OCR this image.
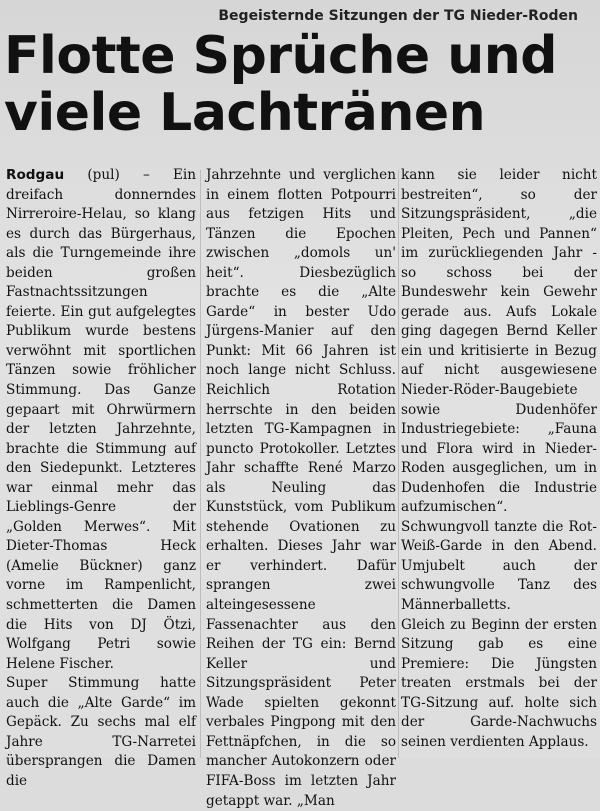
Begeisternde Sitzungen der TG Nieder-Roden
Flotte Sprüche und viele Lachtränen

Rodgau (pul) – Ein dreifach donnerndes Nirreroire-Helau, so klang es durch das Bürgerhaus, als die Turngemeinde ihre beiden großen Fastnachtssitzungen feierte. Ein gut aufgelegtes Publikum wurde bestens verwöhnt mit sportlichen Tänzen sowie fröhlicher Stimmung. Das Ganze gepaart mit Ohrwürmern der letzten Jahrzehnte, brachte die Stimmung auf den Siedepunkt. Letzteres war einmal mehr das Lieblings-Genre der „Golden Merwes“. Mit Dieter-Thomas Heck (Amelie Bückner) ganz vorne im Rampenlicht, schmetterten die Damen die Hits von DJ Ötzi, Wolfgang Petri sowie Helene Fischer.

Super Stimmung hatte auch die „Alte Garde“ im Gepäck. Zu sechs mal elf Jahre TG-Narretei übersprangen die Damen die

Jahrzehnte und verglichen in einem flotten Potpourri aus fetzigen Hits und Tänzen die Epochen zwischen „domols un' heit“. Diesbezüglich brachte es die „Alte Garde“ in bester Udo Jürgens-Manier auf den Punkt: Mit 66 Jahren ist noch lange nicht Schluss. Reichlich Rotation herrschte in den beiden letzten TG-Kampagnen in puncto Protokoller. Letztes Jahr schaffte René Marzo als Neuling das Kunststück, vom Publikum stehende Ovationen zu erhalten. Dieses Jahr war er verhindert. Dafür sprangen zwei alteingesessene Fassenachter aus den Reihen der TG ein: Bernd Keller und Sitzungspräsident Peter Wade spielten gekonnt verbales Pingpong mit den Fettnäpfchen, in die so mancher Autokonzern oder FIFA-Boss im letzten Jahr getappt war. „Man

kann sie leider nicht bestreiten“, so der Sitzungspräsident, „die Pleiten, Pech und Pannen“ im zurückliegenden Jahr - so schoss bei der Bundeswehr kein Gewehr gerade aus. Aufs Lokale ging dagegen Bernd Keller ein und kritisierte in Bezug auf nicht ausgewiesene Nieder-Röder-Baugebiete sowie Dudenhöfer Industriegebiete: „Fauna und Flora wird in Nieder-Roden ausgeglichen, um in Dudenhofen die Industrie aufzumischen“.

Schwungvoll tanzte die Rot-Weiß-Garde in den Abend. Umjubelt auch der schwungvolle Tanz des Männerballetts.

Gleich zu Beginn der ersten Sitzung gab es eine Premiere: Die Jüngsten treaten erstmals bei der TG-Sitzung auf. holte sich der Garde-Nachwuchs seinen verdienten Applaus.
